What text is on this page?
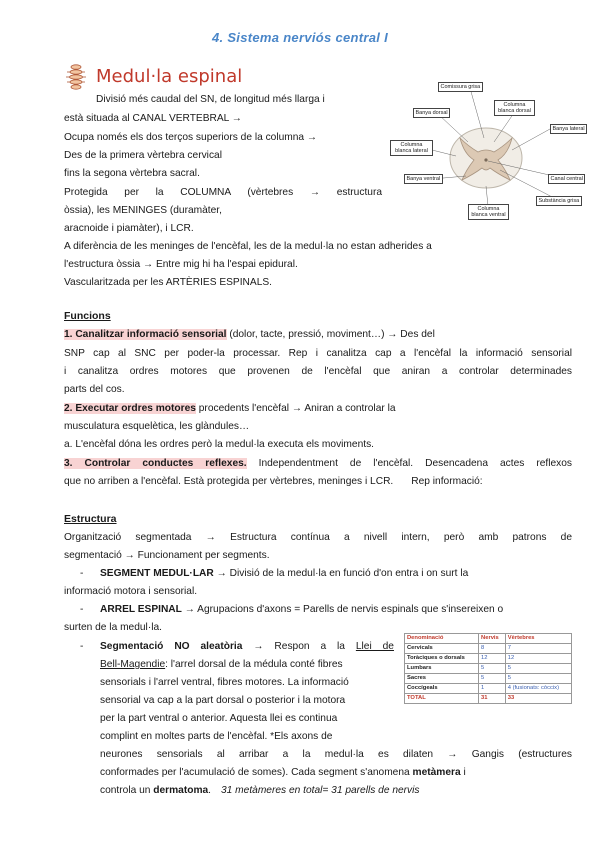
4. Sistema nerviós central I
Medul·la espinal
Divisió més caudal del SN, de longitud més llarga i
està situada al CANAL VERTEBRAL →
Ocupa només els dos terços superiors de la columna →
Des de la primera vèrtebra cervical
fins la segona vèrtebra sacral.
Protegida per la COLUMNA (vèrtebres → estructura
òssia), les MENINGES (duramàter,
aracnoide i piamàter), i LCR.
A diferència de les meninges de l'encèfal, les de la medul·la no estan adherides a
l'estructura òssia → Entre mig hi ha l'espai epidural.
Vascularitzada per les ARTÈRIES ESPINALS.
Comissura grisa
Banya dorsal
Columna blanca dorsal
Banya lateral
Columna blanca lateral
Canal central
Banya ventral
Substància grisa
Columna blanca ventral
Funcions
1. Canalitzar informació sensorial (dolor, tacte, pressió, moviment…) → Des del
SNP cap al SNC per poder-la processar. Rep i canalitza cap a l'encèfal la informació sensorial
i canalitza ordres motores que provenen de l'encèfal que aniran a controlar determinades
parts del cos.
2. Executar ordres motores procedents l'encèfal → Aniran a controlar la
musculatura esquelètica, les glàndules…
a. L'encèfal dóna les ordres però la medul·la executa els moviments.
3. Controlar conductes reflexes. Independentment de l'encèfal. Desencadena actes reflexos
que no arriben a l'encèfal. Està protegida per vèrtebres, meninges i LCR. Rep informació:
Estructura
Organització segmentada → Estructura contínua a nivell intern, però amb patrons de
segmentació → Funcionament per segments.
- SEGMENT MEDUL·LAR → Divisió de la medul·la en funció d'on entra i on surt la
informació motora i sensorial.
- ARREL ESPINAL → Agrupacions d'axons = Parells de nervis espinals que s'insereixen o
surten de la medul·la.
- Segmentació NO aleatòria → Respon a la Llei de
Bell-Magendie: l'arrel dorsal de la médula conté fibres
sensorials i l'arrel ventral, fibres motores. La informació
sensorial va cap a la part dorsal o posterior i la motora
per la part ventral o anterior. Aquesta llei es continua
complint en moltes parts de l'encèfal. *Els axons de
neurones sensorials al arribar a la medul·la es dilaten → Gangis (estructures
conformades per l'acumulació de somes). Cada segment s'anomena metàmera i
controla un dermatoma. 31 metàmeres en total= 31 parells de nervis
Denominació	Nervis	Vèrtebres
Cervicals	8	7
Toràciques o dorsals	12	12
Lumbars	5	5
Sacres	5	5
Coccígeals	1	4 (fusionats: còccix)
TOTAL	31	33
